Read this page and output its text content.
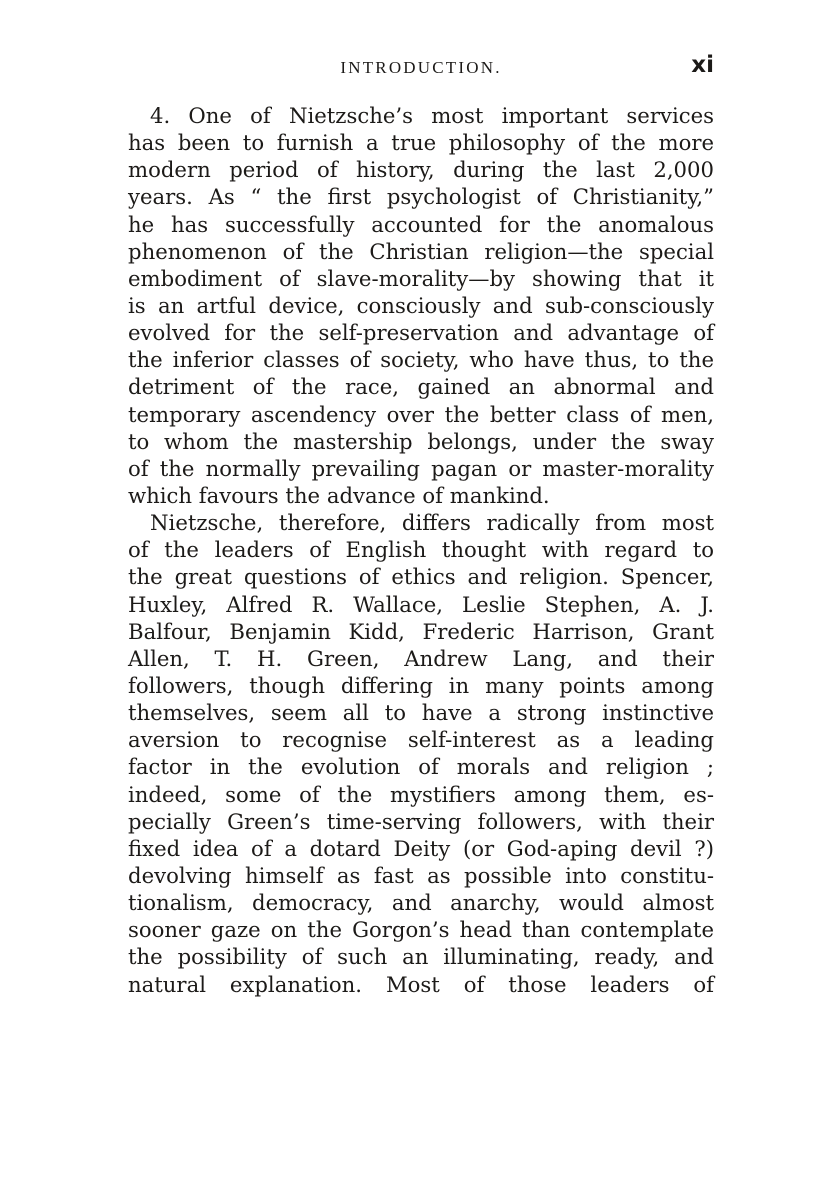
INTRODUCTION.	xi
4. One of Nietzsche’s most important services
has been to furnish a true philosophy of the more
modern period of history, during the last 2,000
years. As “ the first psychologist of Christianity,”
he has successfully accounted for the anomalous
phenomenon of the Christian religion—the special
embodiment of slave-morality—by showing that it
is an artful device, consciously and sub-consciously
evolved for the self-preservation and advantage of
the inferior classes of society, who have thus, to the
detriment of the race, gained an abnormal and
temporary ascendency over the better class of men,
to whom the mastership belongs, under the sway
of the normally prevailing pagan or master-morality
which favours the advance of mankind.
Nietzsche, therefore, differs radically from most
of the leaders of English thought with regard to
the great questions of ethics and religion. Spencer,
Huxley, Alfred R. Wallace, Leslie Stephen, A. J.
Balfour, Benjamin Kidd, Frederic Harrison, Grant
Allen, T. H. Green, Andrew Lang, and their
followers, though differing in many points among
themselves, seem all to have a strong instinctive
aversion to recognise self-interest as a leading
factor in the evolution of morals and religion ;
indeed, some of the mystifiers among them, es-
pecially Green’s time-serving followers, with their
fixed idea of a dotard Deity (or God-aping devil ?)
devolving himself as fast as possible into constitu-
tionalism, democracy, and anarchy, would almost
sooner gaze on the Gorgon’s head than contemplate
the possibility of such an illuminating, ready, and
natural explanation. Most of those leaders of
